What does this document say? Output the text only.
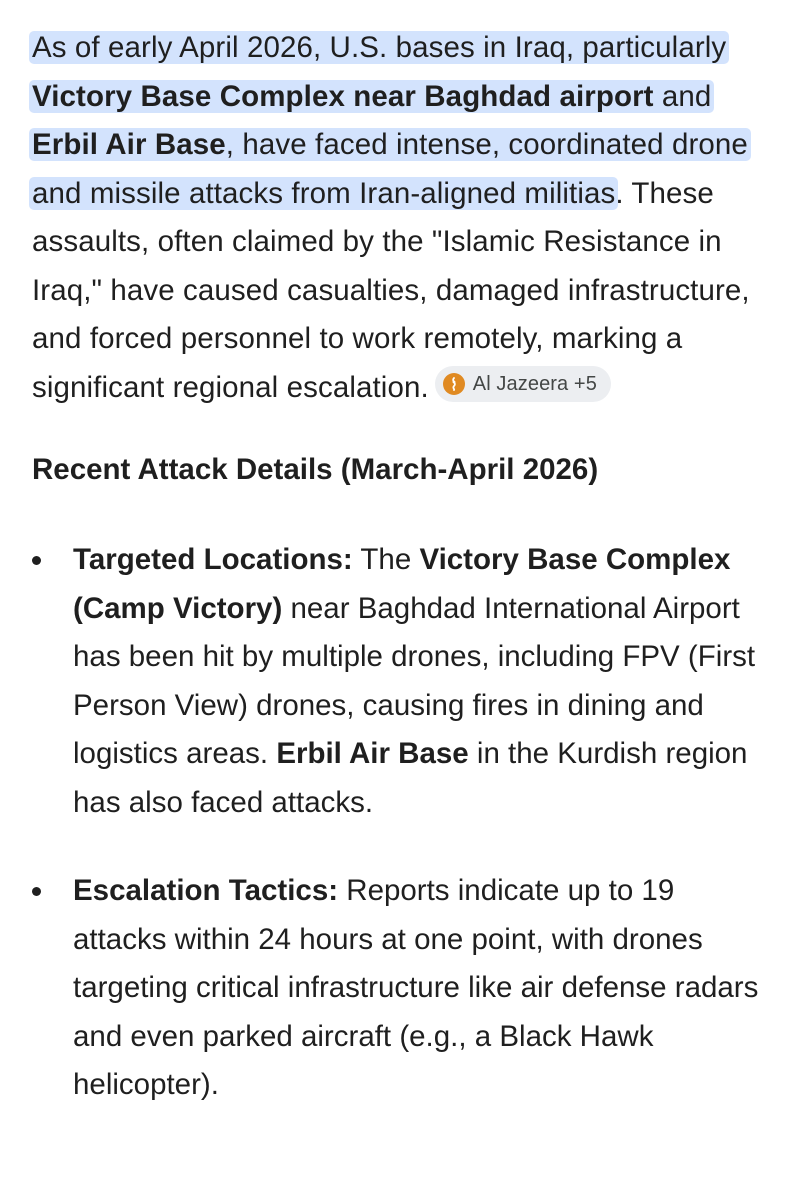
As of early April 2026, U.S. bases in Iraq, particularly Victory Base Complex near Baghdad airport and Erbil Air Base, have faced intense, coordinated drone and missile attacks from Iran-aligned militias. These assaults, often claimed by the "Islamic Resistance in Iraq," have caused casualties, damaged infrastructure, and forced personnel to work remotely, marking a significant regional escalation. Al Jazeera +5

Recent Attack Details (March-April 2026)

Targeted Locations: The Victory Base Complex (Camp Victory) near Baghdad International Airport has been hit by multiple drones, including FPV (First Person View) drones, causing fires in dining and logistics areas. Erbil Air Base in the Kurdish region has also faced attacks.
Escalation Tactics: Reports indicate up to 19 attacks within 24 hours at one point, with drones targeting critical infrastructure like air defense radars and even parked aircraft (e.g., a Black Hawk helicopter).
